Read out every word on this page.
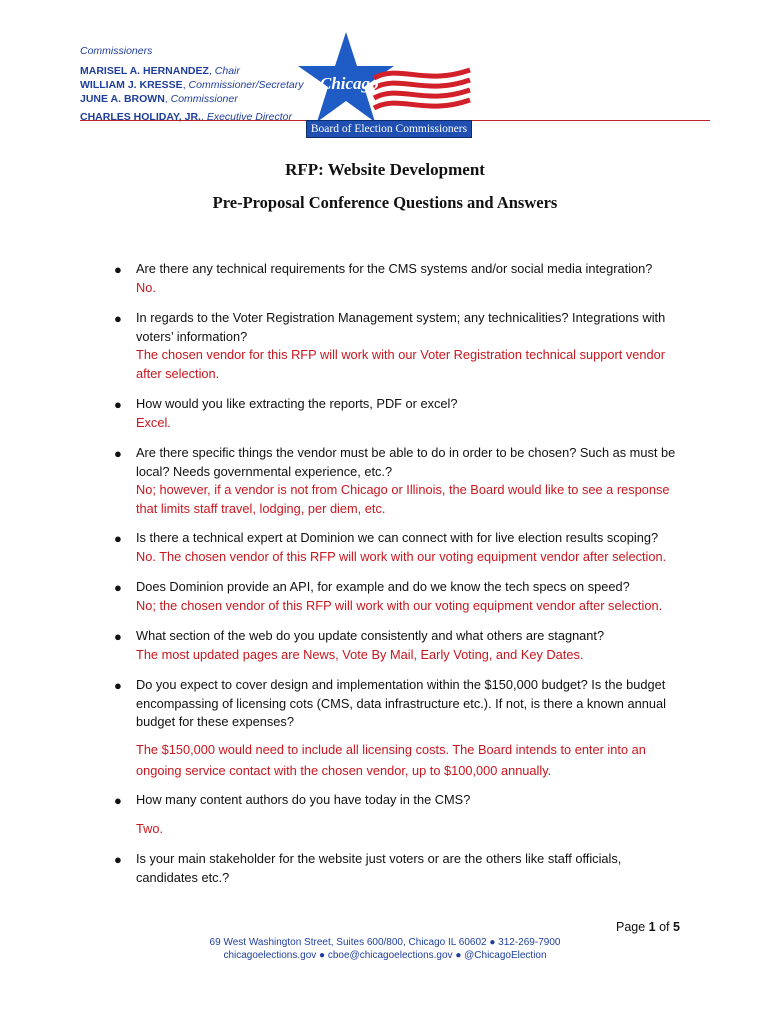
Commissioners
MARISEL A. HERNANDEZ, Chair
WILLIAM J. KRESSE, Commissioner/Secretary
JUNE A. BROWN, Commissioner
CHARLES HOLIDAY, JR., Executive Director
Chicago
Board of Election Commissioners
RFP: Website Development
Pre-Proposal Conference Questions and Answers
●	Are there any technical requirements for the CMS systems and/or social media integration?
No.
●	In regards to the Voter Registration Management system; any technicalities? Integrations with voters’ information?
The chosen vendor for this RFP will work with our Voter Registration technical support vendor after selection.
●	How would you like extracting the reports, PDF or excel?
Excel.
●	Are there specific things the vendor must be able to do in order to be chosen? Such as must be local? Needs governmental experience, etc.?
No; however, if a vendor is not from Chicago or Illinois, the Board would like to see a response that limits staff travel, lodging, per diem, etc.
●	Is there a technical expert at Dominion we can connect with for live election results scoping?
No. The chosen vendor of this RFP will work with our voting equipment vendor after selection.
●	Does Dominion provide an API, for example and do we know the tech specs on speed?
No; the chosen vendor of this RFP will work with our voting equipment vendor after selection.
●	What section of the web do you update consistently and what others are stagnant?
The most updated pages are News, Vote By Mail, Early Voting, and Key Dates.
●	Do you expect to cover design and implementation within the $150,000 budget? Is the budget encompassing of licensing cots (CMS, data infrastructure etc.). If not, is there a known annual budget for these expenses?
The $150,000 would need to include all licensing costs. The Board intends to enter into an ongoing service contact with the chosen vendor, up to $100,000 annually.
●	How many content authors do you have today in the CMS?
Two.
●	Is your main stakeholder for the website just voters or are the others like staff officials, candidates etc.?
Page 1 of 5
69 West Washington Street, Suites 600/800, Chicago IL 60602 ● 312-269-7900
chicagoelections.gov ● cboe@chicagoelections.gov ● @ChicagoElection
